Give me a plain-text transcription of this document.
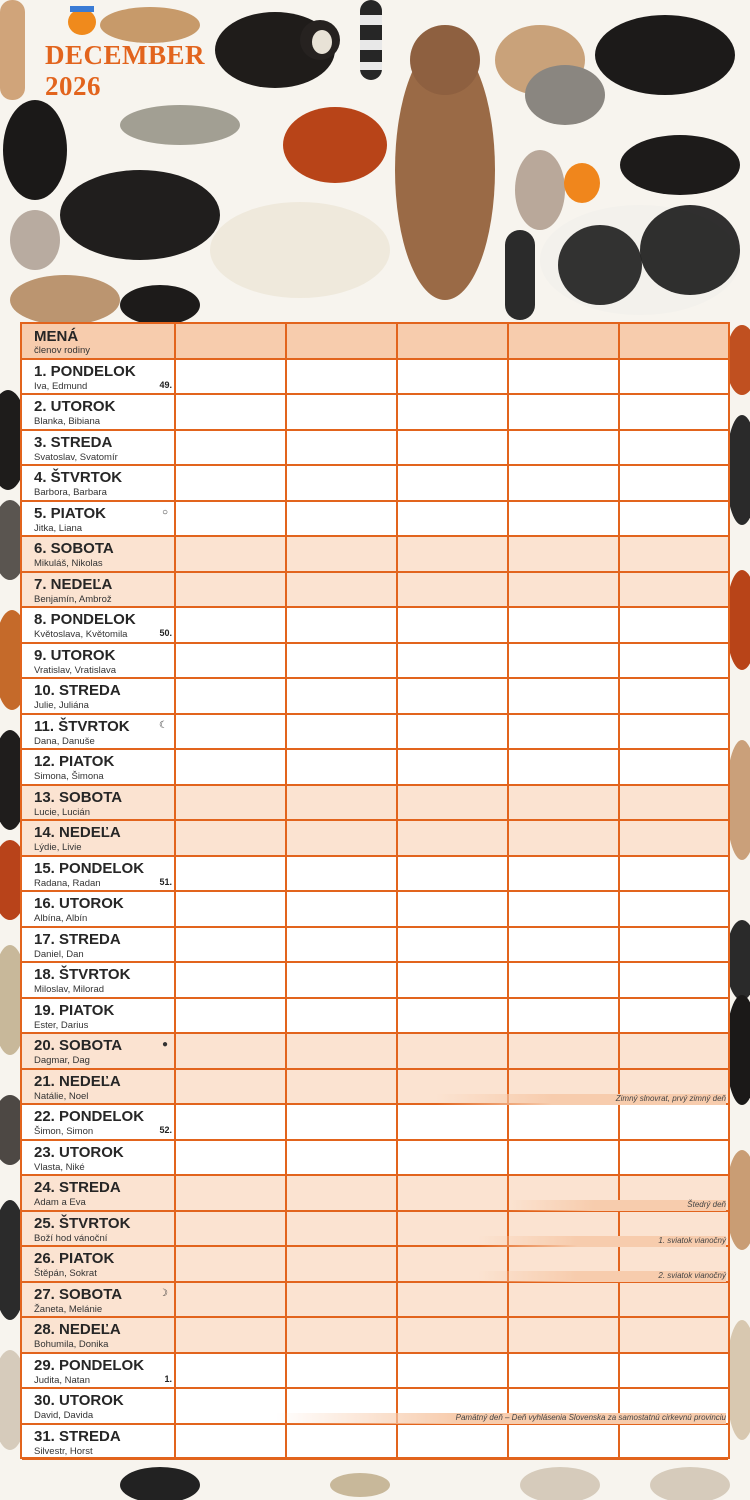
DECEMBER
2026
MENÁ
členov rodiny
1. PONDELOK
Iva, Edmund	49.
2. UTOROK
Blanka, Bibiana
3. STREDA
Svatoslav, Svatomír
4. ŠTVRTOK
Barbora, Barbara
5. PIATOK
Jitka, Liana
○
6. SOBOTA
Mikuláš, Nikolas
7. NEDEĽA
Benjamín, Ambrož
8. PONDELOK
Květoslava, Květomila	50.
9. UTOROK
Vratislav, Vratislava
10. STREDA
Julie, Juliána
11. ŠTVRTOK
Dana, Danuše
☾
12. PIATOK
Simona, Šimona
13. SOBOTA
Lucie, Lucián
14. NEDEĽA
Lýdie, Livie
15. PONDELOK
Radana, Radan	51.
16. UTOROK
Albína, Albín
17. STREDA
Daniel, Dan
18. ŠTVRTOK
Miloslav, Milorad
19. PIATOK
Ester, Darius
20. SOBOTA
Dagmar, Dag
●
21. NEDEĽA
Natálie, Noel	Zimný slnovrat, prvý zimný deň
22. PONDELOK
Šimon, Simon	52.
23. UTOROK
Vlasta, Niké
24. STREDA
Adam a Eva	Štedrý deň
25. ŠTVRTOK
Boží hod vánoční	1. sviatok vianočný
26. PIATOK
Štěpán, Sokrat	2. sviatok vianočný
27. SOBOTA
Žaneta, Melánie
☽
28. NEDEĽA
Bohumila, Donika
29. PONDELOK
Judita, Natan	1.
30. UTOROK
David, Davida	Pamätný deň – Deň vyhlásenia Slovenska za samostatnú cirkevnú provinciu
31. STREDA
Silvestr, Horst
